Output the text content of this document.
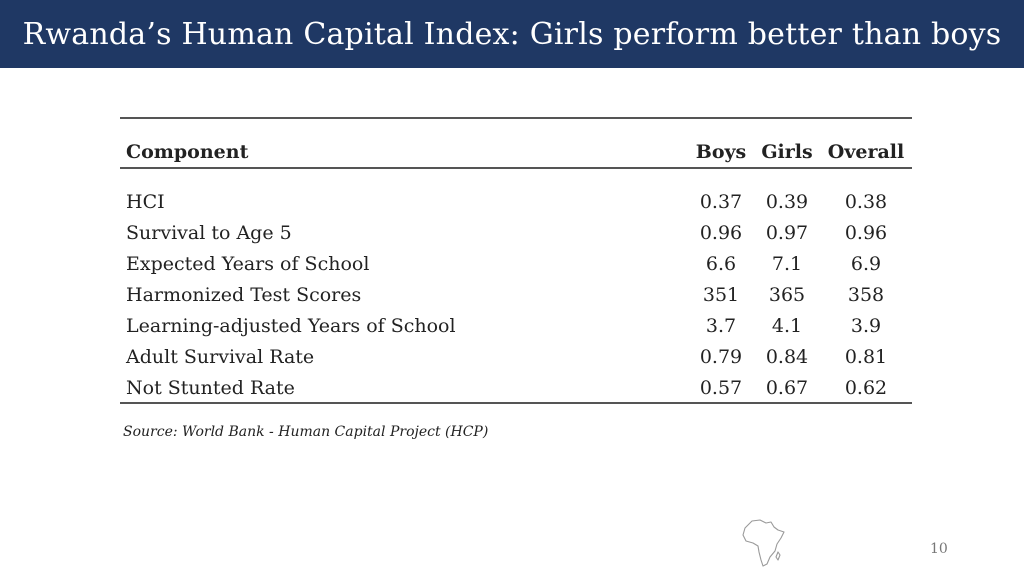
Rwanda’s Human Capital Index: Girls perform better than boys
Component	Boys	Girls	Overall
HCI	0.37	0.39	0.38
Survival to Age 5	0.96	0.97	0.96
Expected Years of School	6.6	7.1	6.9
Harmonized Test Scores	351	365	358
Learning-adjusted Years of School	3.7	4.1	3.9
Adult Survival Rate	0.79	0.84	0.81
Not Stunted Rate	0.57	0.67	0.62
Source: World Bank - Human Capital Project (HCP)
10
